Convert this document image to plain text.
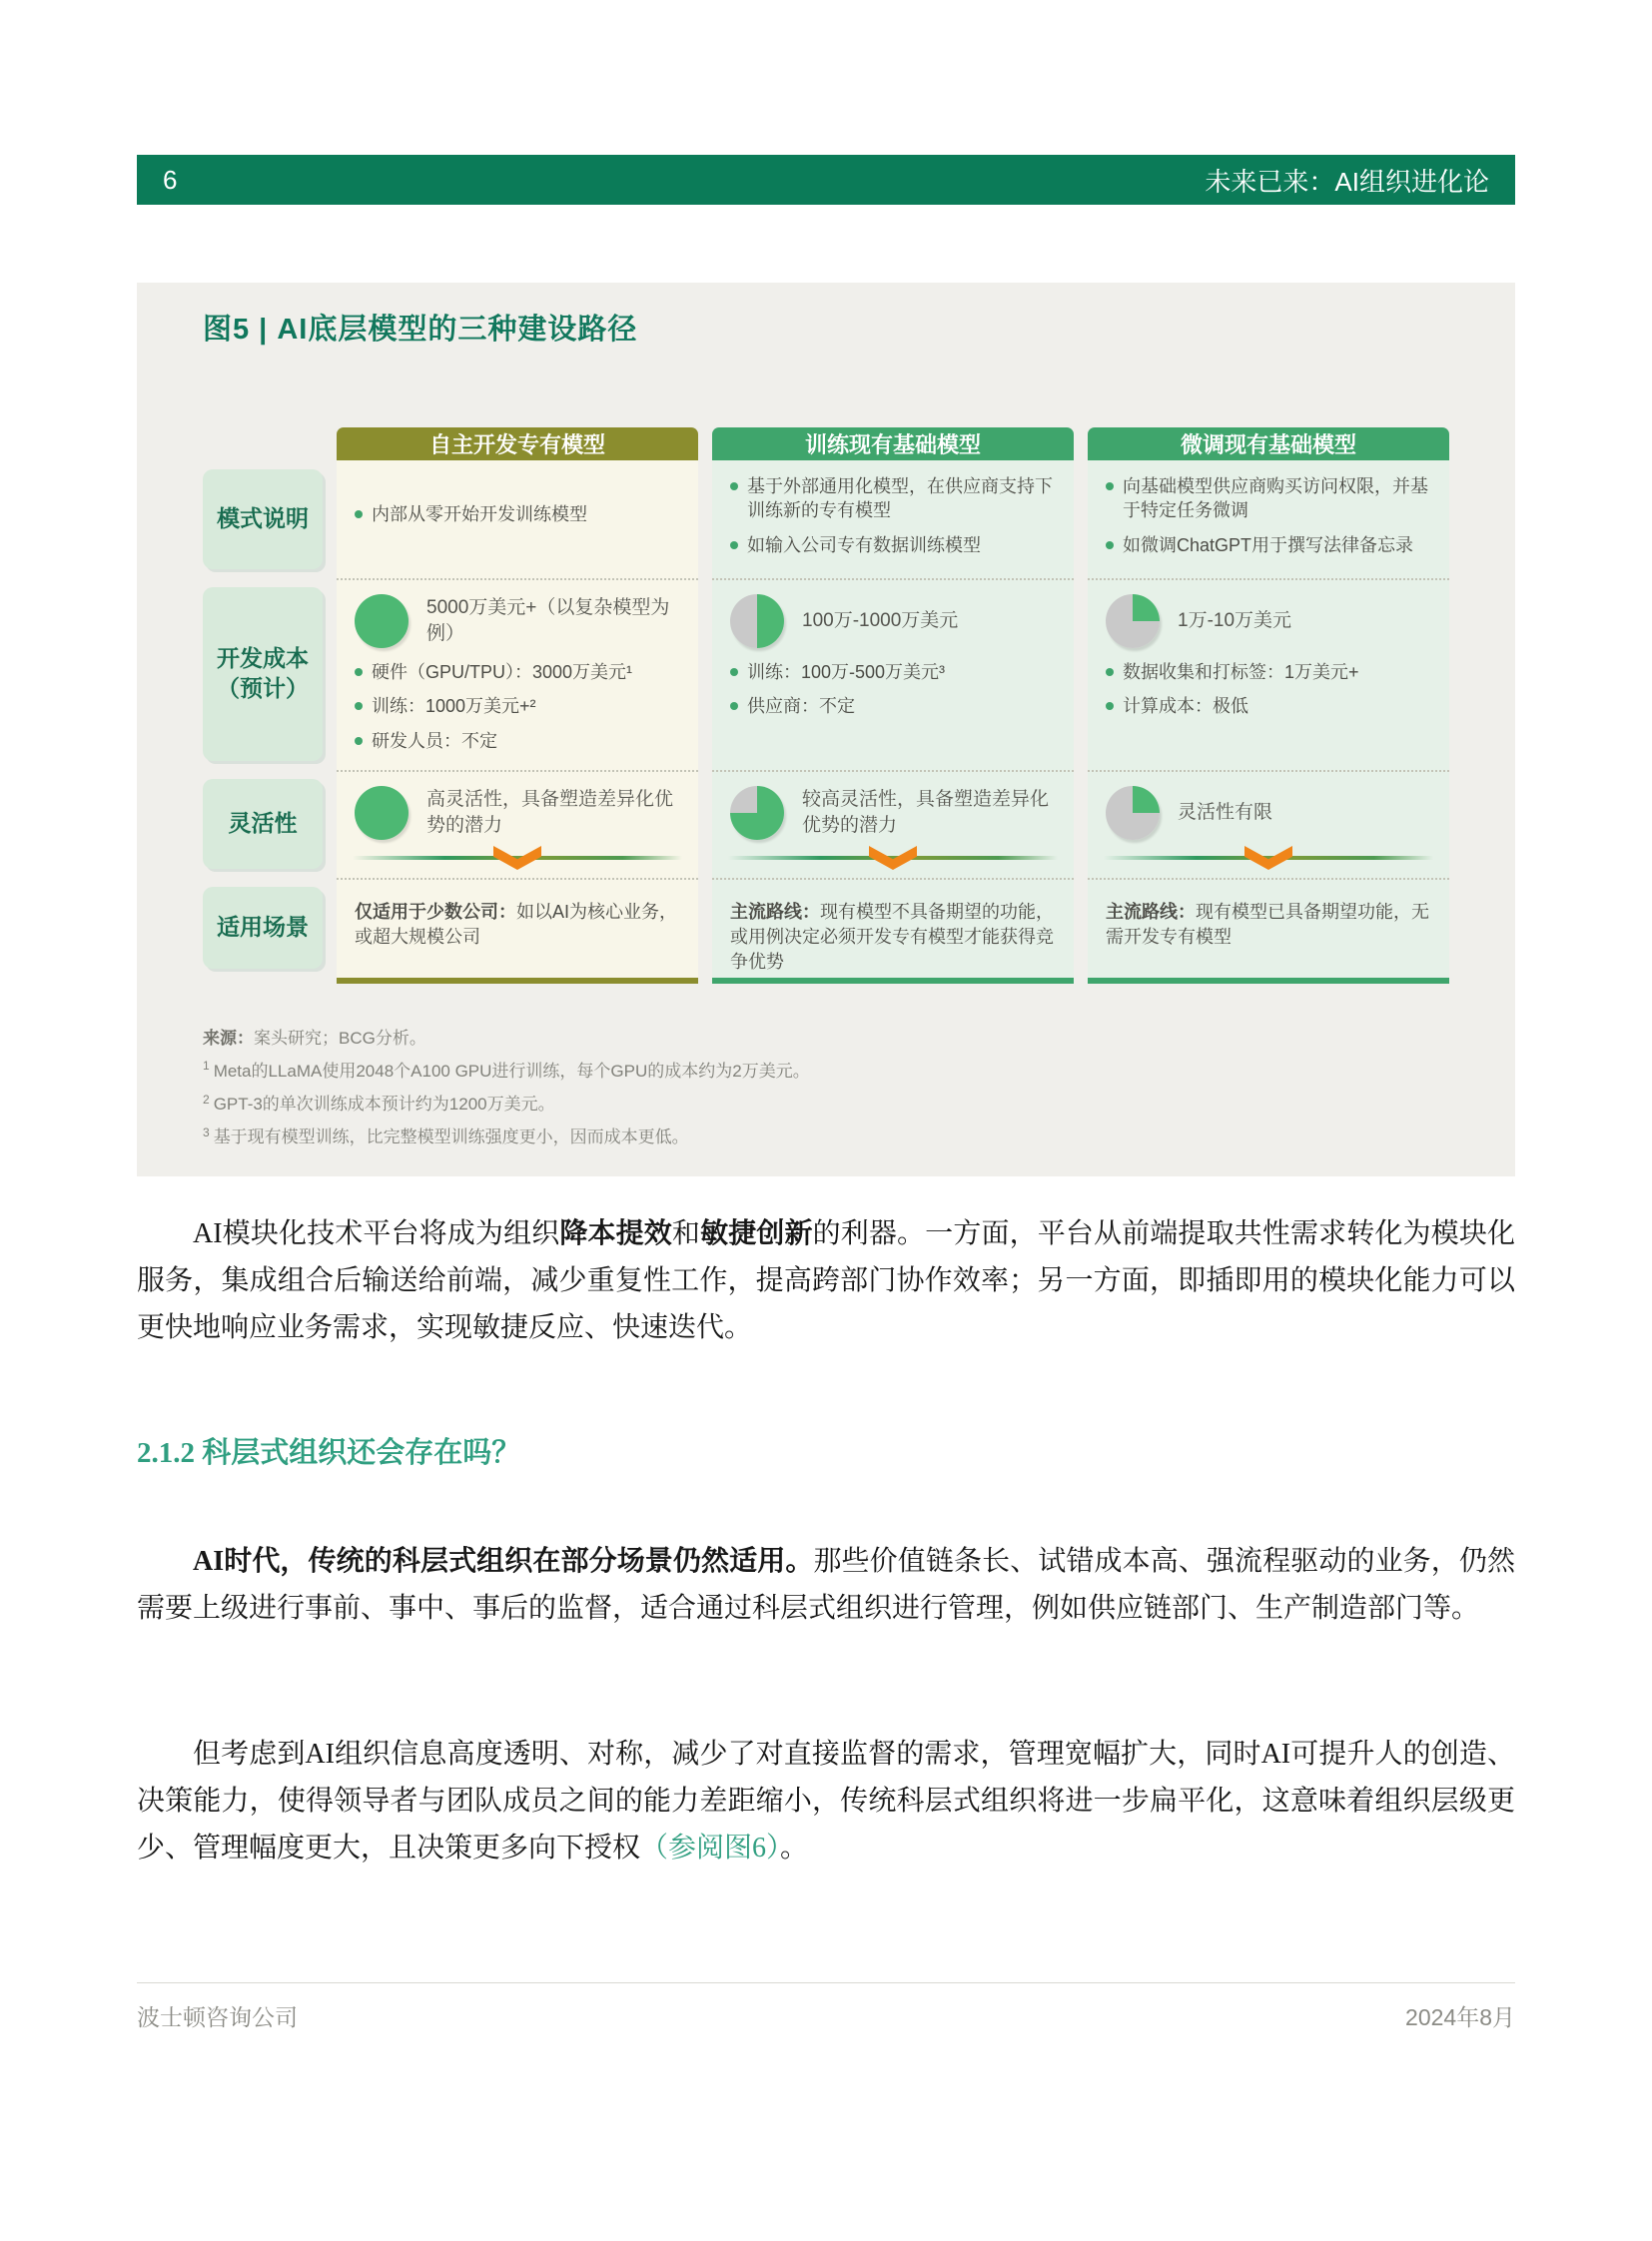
6	未来已来：AI组织进化论
图5 | AI底层模型的三种建设路径
模式说明
开发成本
（预计）
灵活性
适用场景
自主开发专有模型
内部从零开始开发训练模型
5000万美元+（以复杂模型为例）
硬件（GPU/TPU）：3000万美元¹
训练：1000万美元+²
研发人员：不定
高灵活性，具备塑造差异化优势的潜力
仅适用于少数公司：如以AI为核心业务，或超大规模公司
训练现有基础模型
基于外部通用化模型，在供应商支持下训练新的专有模型
如输入公司专有数据训练模型
100万-1000万美元
训练：100万-500万美元³
供应商：不定
较高灵活性，具备塑造差异化优势的潜力
主流路线：现有模型不具备期望的功能，或用例决定必须开发专有模型才能获得竞争优势
微调现有基础模型
向基础模型供应商购买访问权限，并基于特定任务微调
如微调ChatGPT用于撰写法律备忘录
1万-10万美元
数据收集和打标签：1万美元+
计算成本：极低
灵活性有限
主流路线：现有模型已具备期望功能，无需开发专有模型

来源：案头研究；BCG分析。

$^1$ Meta的LLaMA使用2048个A100 GPU进行训练，每个GPU的成本约为2万美元。
$^2$ GPT-3的单次训练成本预计约为1200万美元。
$^3$ 基于现有模型训练，比完整模型训练强度更小，因而成本更低。

AI模块化技术平台将成为组织降本提效和敏捷创新的利器。一方面，平台从前端提取共性需求转化为模块化服务，集成组合后输送给前端，减少重复性工作，提高跨部门协作效率；另一方面，即插即用的模块化能力可以更快地响应业务需求，实现敏捷反应、快速迭代。

2.1.2 科层式组织还会存在吗？

AI时代，传统的科层式组织在部分场景仍然适用。那些价值链条长、试错成本高、强流程驱动的业务，仍然需要上级进行事前、事中、事后的监督，适合通过科层式组织进行管理，例如供应链部门、生产制造部门等。

但考虑到AI组织信息高度透明、对称，减少了对直接监督的需求，管理宽幅扩大，同时AI可提升人的创造、决策能力，使得领导者与团队成员之间的能力差距缩小，传统科层式组织将进一步扁平化，这意味着组织层级更少、管理幅度更大，且决策更多向下授权（参阅图6）。

波士顿咨询公司	2024年8月
